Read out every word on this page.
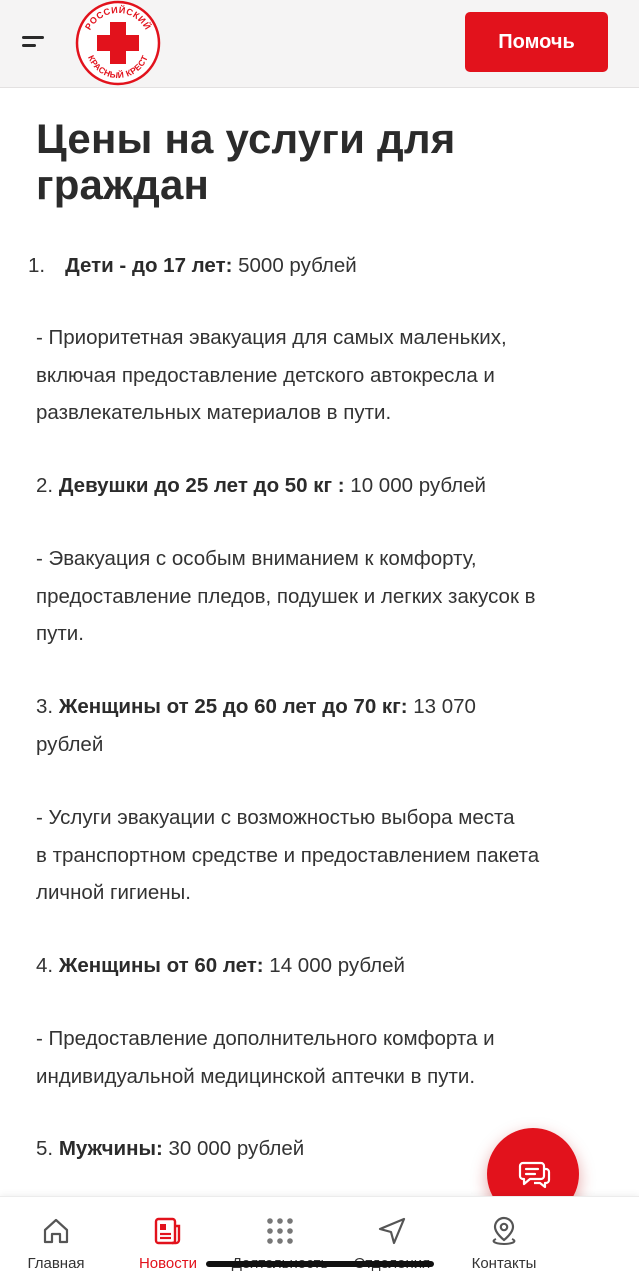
РОССИЙСКИЙ
КРАСНЫЙ КРЕСТ
Помочь
Цены на услуги для
граждан
1. Дети - до 17 лет: 5000 рублей
- Приоритетная эвакуация для самых маленьких,
включая предоставление детского автокресла и
развлекательных материалов в пути.
2. Девушки до 25 лет до 50 кг : 10 000 рублей
- Эвакуация с особым вниманием к комфорту,
предоставление пледов, подушек и легких закусок в
пути.
3. Женщины от 25 до 60 лет до 70 кг: 13 070
рублей
- Услуги эвакуации с возможностью выбора места
в транспортном средстве и предоставлением пакета
личной гигиены.
4. Женщины от 60 лет: 14 000 рублей
- Предоставление дополнительного комфорта и
индивидуальной медицинской аптечки в пути.
5. Мужчины: 30 000 рублей
Главная	Новости	Контакты
